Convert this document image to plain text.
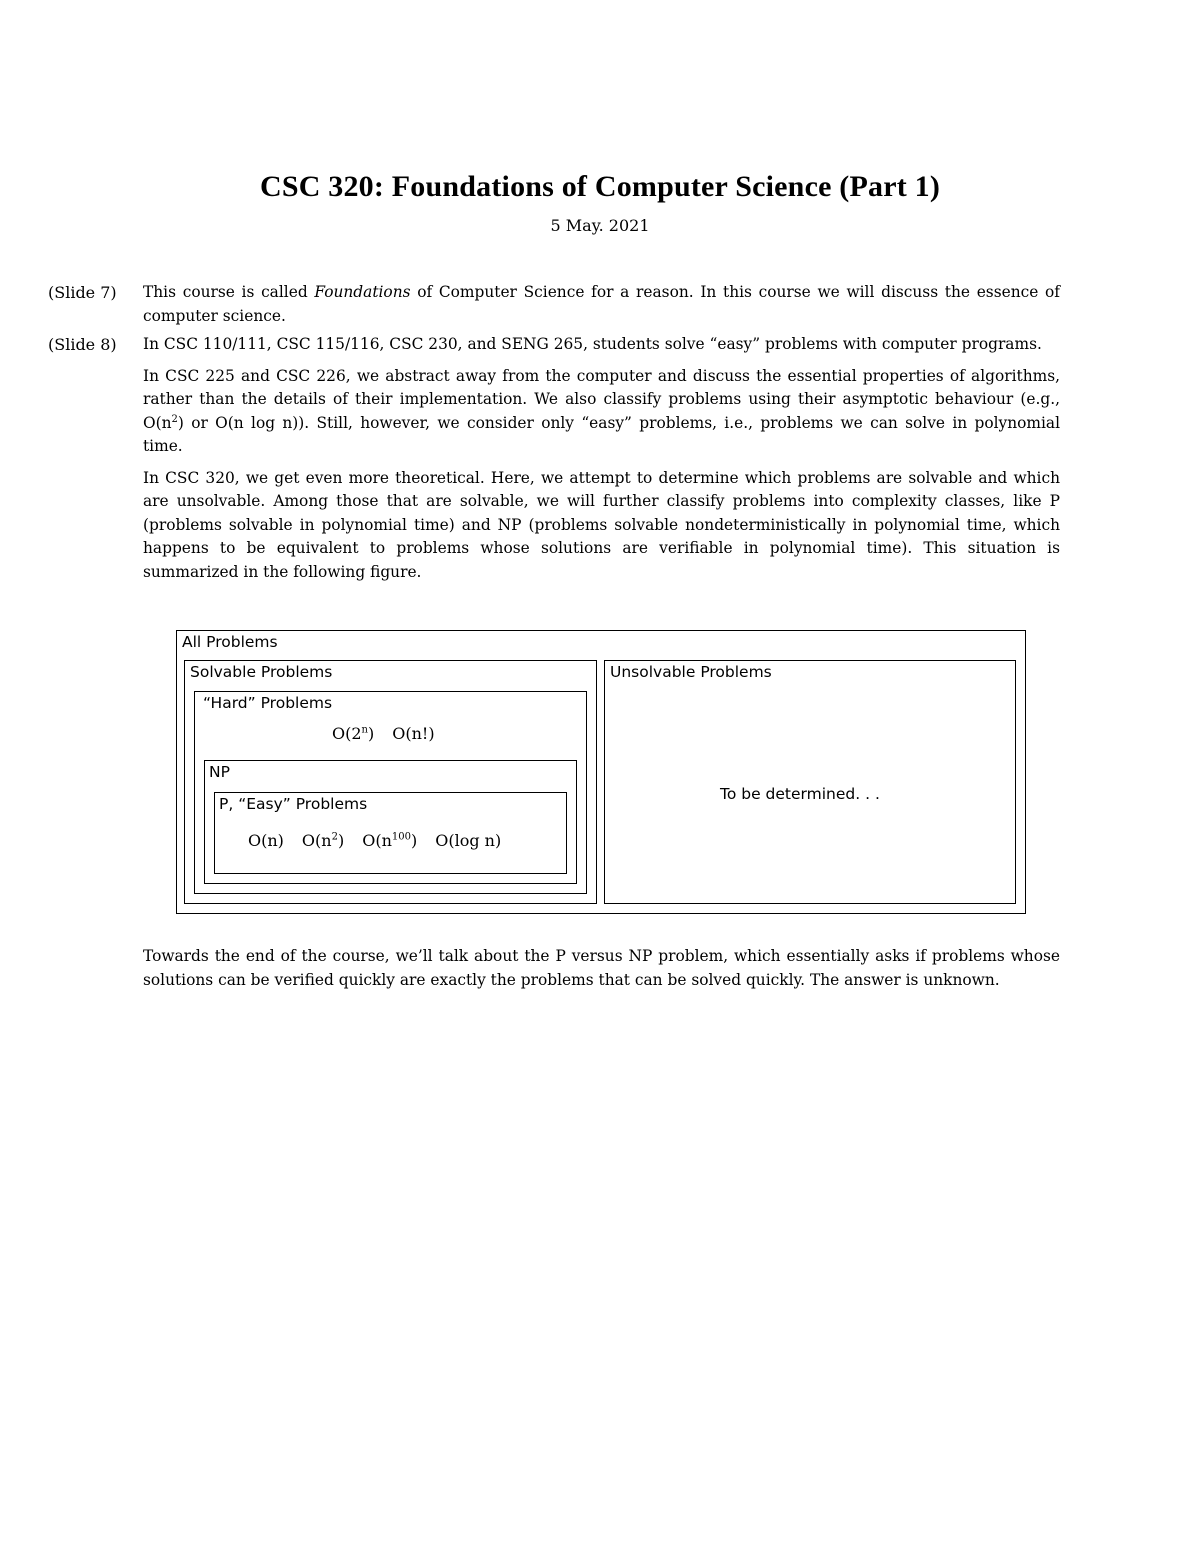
CSC 320: Foundations of Computer Science (Part 1)
5 May. 2021
(Slide 7)	This course is called Foundations of Computer Science for a reason. In this course we will discuss the essence of computer science.

(Slide 8)	In CSC 110/111, CSC 115/116, CSC 230, and SENG 265, students solve “easy” problems with computer programs.

In CSC 225 and CSC 226, we abstract away from the computer and discuss the essential properties of algorithms, rather than the details of their implementation. We also classify problems using their asymptotic behaviour (e.g., $O(n^2)$ or O(n log n)). Still, however, we consider only “easy” problems, i.e., problems we can solve in polynomial time.

In CSC 320, we get even more theoretical. Here, we attempt to determine which problems are solvable and which are unsolvable. Among those that are solvable, we will further classify problems into complexity classes, like P (problems solvable in polynomial time) and NP (problems solvable nondeterministically in polynomial time, which happens to be equivalent to problems whose solutions are verifiable in polynomial time). This situation is summarized in the following figure.

All Problems
Solvable Problems	Unsolvable Problems
To be determined. . .
“Hard” Problems
O(2$^n$) O(n!)
NP
P, “Easy” Problems
O(n) $O(n^2)$ $O(n^{100})$ O(log n)

Towards the end of the course, we’ll talk about the P versus NP problem, which essentially asks if problems whose solutions can be verified quickly are exactly the problems that can be solved quickly. The answer is unknown.
